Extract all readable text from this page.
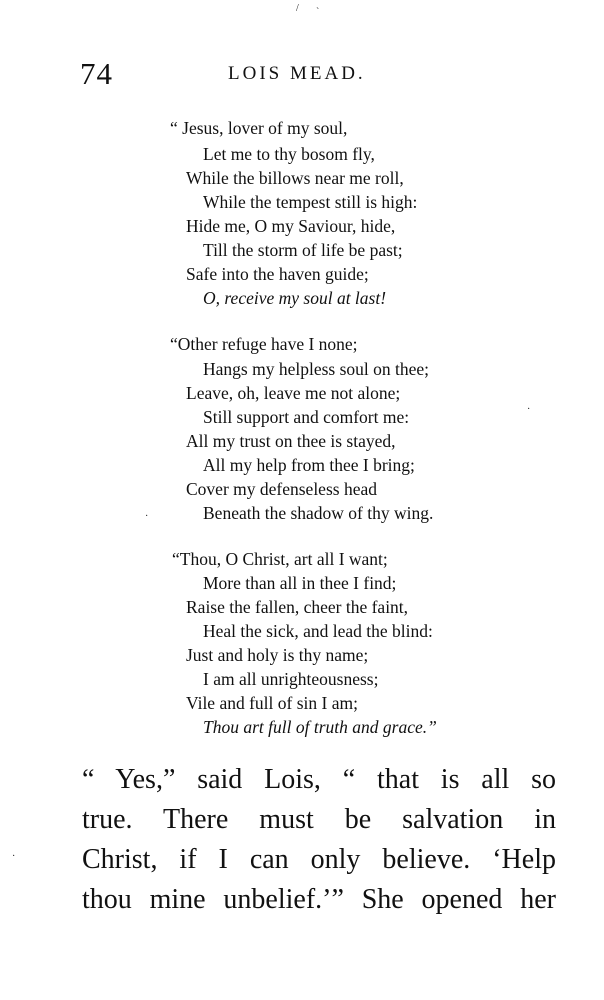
/ `
74	LOIS MEAD.
“ Jesus, lover of my soul,
Let me to thy bosom fly,
While the billows near me roll,
While the tempest still is high:
Hide me, O my Saviour, hide,
Till the storm of life be past;
Safe into the haven guide;
O, receive my soul at last!
“Other refuge have I none;
Hangs my helpless soul on thee;
Leave, oh, leave me not alone;
Still support and comfort me:
All my trust on thee is stayed,
All my help from thee I bring;
Cover my defenseless head
Beneath the shadow of thy wing.
“Thou, O Christ, art all I want;
More than all in thee I find;
Raise the fallen, cheer the faint,
Heal the sick, and lead the blind:
Just and holy is thy name;
I am all unrighteousness;
Vile and full of sin I am;
Thou art full of truth and grace.”
·
·
“ Yes,” said Lois, “ that is all so
true. There must be salvation in
Christ, if I can only believe. ‘Help
thou mine unbelief.’” She opened her
·
